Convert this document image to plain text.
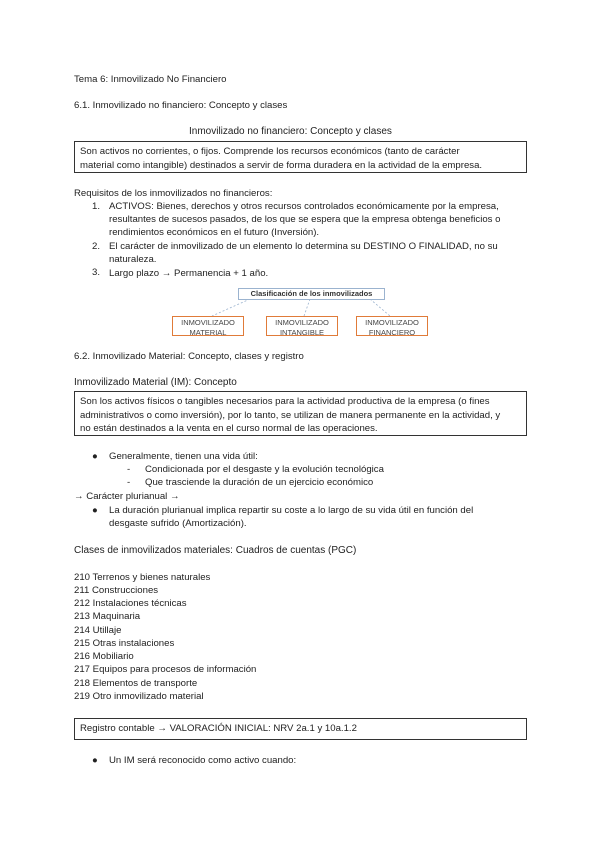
Tema 6: Inmovilizado No Financiero
6.1. Inmovilizado no financiero: Concepto y clases
Inmovilizado no financiero: Concepto y clases
Son activos no corrientes, o fijos. Comprende los recursos económicos (tanto de carácter
material como intangible) destinados a servir de forma duradera en la actividad de la empresa.
Requisitos de los inmovilizados no financieros:
1. ACTIVOS: Bienes, derechos y otros recursos controlados económicamente por la empresa,
resultantes de sucesos pasados, de los que se espera que la empresa obtenga beneficios o
rendimientos económicos en el futuro (Inversión).
2. El carácter de inmovilizado de un elemento lo determina su DESTINO O FINALIDAD, no su
naturaleza.
3. Largo plazo → Permanencia + 1 año.
Clasificación de los inmovilizados
INMOVILIZADO
MATERIAL
INMOVILIZADO
INTANGIBLE
INMOVILIZADO
FINANCIERO
6.2. Inmovilizado Material: Concepto, clases y registro
Inmovilizado Material (IM): Concepto
Son los activos físicos o tangibles necesarios para la actividad productiva de la empresa (o fines
administrativos o como inversión), por lo tanto, se utilizan de manera permanente en la actividad, y
no están destinados a la venta en el curso normal de las operaciones.
● Generalmente, tienen una vida útil:
- Condicionada por el desgaste y la evolución tecnológica
- Que trasciende la duración de un ejercicio económico
→ Carácter plurianual →
● La duración plurianual implica repartir su coste a lo largo de su vida útil en función del
desgaste sufrido (Amortización).
Clases de inmovilizados materiales: Cuadros de cuentas (PGC)
210 Terrenos y bienes naturales
211 Construcciones
212 Instalaciones técnicas
213 Maquinaria
214 Utillaje
215 Otras instalaciones
216 Mobiliario
217 Equipos para procesos de información
218 Elementos de transporte
219 Otro inmovilizado material
Registro contable → VALORACIÓN INICIAL: NRV 2a.1 y 10a.1.2
● Un IM será reconocido como activo cuando:
